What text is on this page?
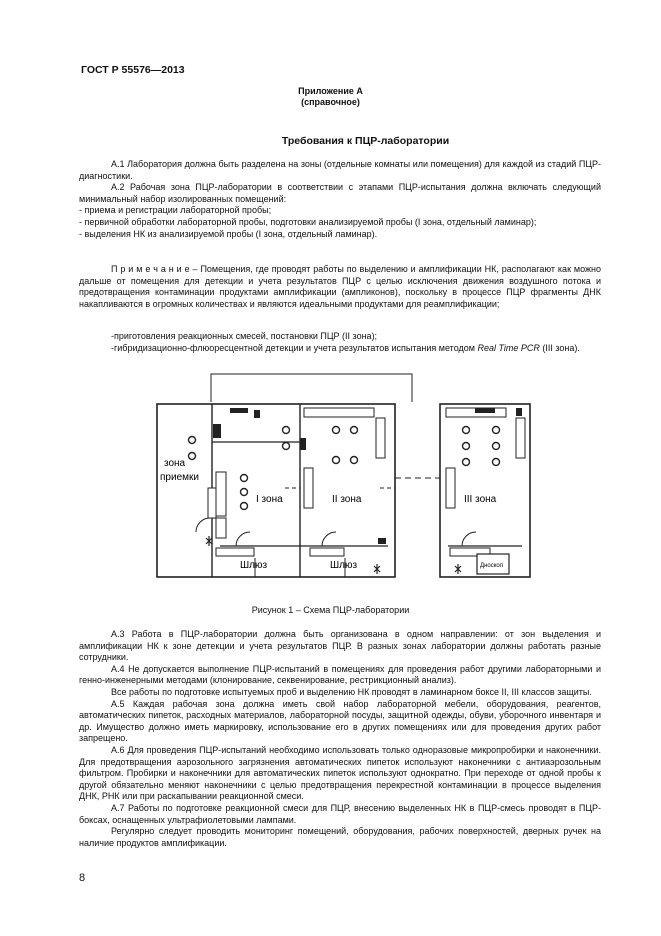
ГОСТ Р 55576—2013
Приложение А
(справочное)
Требования к ПЦР-лаборатории

А.1 Лаборатория должна быть разделена на зоны (отдельные комнаты или помещения) для каждой из стадий ПЦР-диагностики.

А.2 Рабочая зона ПЦР-лаборатории в соответствии с этапами ПЦР-испытания должна включать следующий минимальный набор изолированных помещений:

- приема и регистрации лабораторной пробы;

- первичной обработки лабораторной пробы, подготовки анализируемой пробы (I зона, отдельный ламинар);

- выделения НК из анализируемой пробы (I зона, отдельный ламинар).

П р и м е ч а н и е – Помещения, где проводят работы по выделению и амплификации НК, располагают как можно дальше от помещения для детекции и учета результатов ПЦР с целью исключения движения воздушного потока и предотвращения контаминации продуктами амплификации (ампликонов), поскольку в процессе ПЦР фрагменты ДНК накапливаются в огромных количествах и являются идеальными продуктами для реамплификации;

-приготовления реакционных смесей, постановки ПЦР (II зона);

-гибридизационно-флюоресцентной детекции и учета результатов испытания методом Real Time PCR (III зона).

зона
приемки
I зона	II зона	III зона
Шлюз	Шлюз	Дноскоп
Рисунок 1 – Схема ПЦР-лаборатории

А.3 Работа в ПЦР-лаборатории должна быть организована в одном направлении: от зон выделения и амплификации НК к зоне детекции и учета результатов ПЦР. В разных зонах лаборатории должны работать разные сотрудники.

А.4 Не допускается выполнение ПЦР-испытаний в помещениях для проведения работ другими лабораторными и генно-инженерными методами (клонирование, секвенирование, рестрикционный анализ).

Все работы по подготовке испытуемых проб и выделению НК проводят в ламинарном боксе II, III классов защиты.

А.5 Каждая рабочая зона должна иметь свой набор лабораторной мебели, оборудования, реагентов, автоматических пипеток, расходных материалов, лабораторной посуды, защитной одежды, обуви, уборочного инвентаря и др. Имущество должно иметь маркировку, использование его в других помещениях или для проведения других работ запрещено.

А.6 Для проведения ПЦР-испытаний необходимо использовать только одноразовые микропробирки и наконечники. Для предотвращения аэрозольного загрязнения автоматических пипеток используют наконечники с антиаэрозольным фильтром. Пробирки и наконечники для автоматических пипеток используют однократно. При переходе от одной пробы к другой обязательно меняют наконечники с целью предотвращения перекрестной контаминации в процессе выделения ДНК, РНК или при раскапывании реакционной смеси.

А.7 Работы по подготовке реакционной смеси для ПЦР, внесению выделенных НК в ПЦР-смесь проводят в ПЦР-боксах, оснащенных ультрафиолетовыми лампами.

Регулярно следует проводить мониторинг помещений, оборудования, рабочих поверхностей, дверных ручек на наличие продуктов амплификации.

8
